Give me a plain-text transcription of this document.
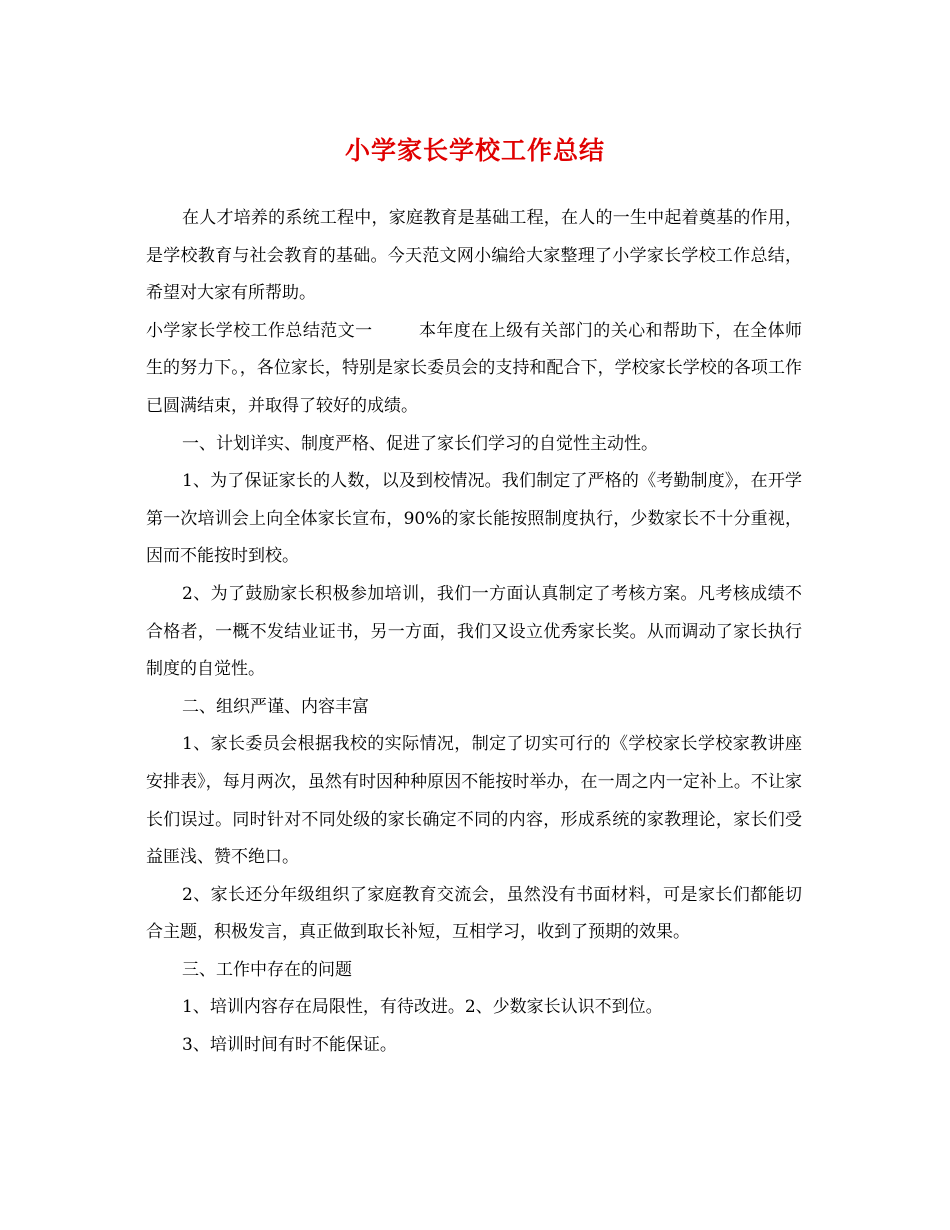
小学家长学校工作总结

在人才培养的系统工程中，家庭教育是基础工程，在人的一生中起着奠基的作用，是学校教育与社会教育的基础。今天范文网小编给大家整理了小学家长学校工作总结，希望对大家有所帮助。

小学家长学校工作总结范文一	本年度在上级有关部门的关心和帮助下，在全体师生的努力下。，各位家长，特别是家长委员会的支持和配合下，学校家长学校的各项工作已圆满结束，并取得了较好的成绩。

一、计划详实、制度严格、促进了家长们学习的自觉性主动性。

1、为了保证家长的人数，以及到校情况。我们制定了严格的《考勤制度》，在开学第一次培训会上向全体家长宣布，90%的家长能按照制度执行，少数家长不十分重视，因而不能按时到校。

2、为了鼓励家长积极参加培训，我们一方面认真制定了考核方案。凡考核成绩不合格者，一概不发结业证书，另一方面，我们又设立优秀家长奖。从而调动了家长执行制度的自觉性。

二、组织严谨、内容丰富

1、家长委员会根据我校的实际情况，制定了切实可行的《学校家长学校家教讲座安排表》，每月两次，虽然有时因种种原因不能按时举办，在一周之内一定补上。不让家长们误过。同时针对不同处级的家长确定不同的内容，形成系统的家教理论，家长们受益匪浅、赞不绝口。

2、家长还分年级组织了家庭教育交流会，虽然没有书面材料，可是家长们都能切合主题，积极发言，真正做到取长补短，互相学习，收到了预期的效果。

三、工作中存在的问题

1、培训内容存在局限性，有待改进。2、少数家长认识不到位。

3、培训时间有时不能保证。
